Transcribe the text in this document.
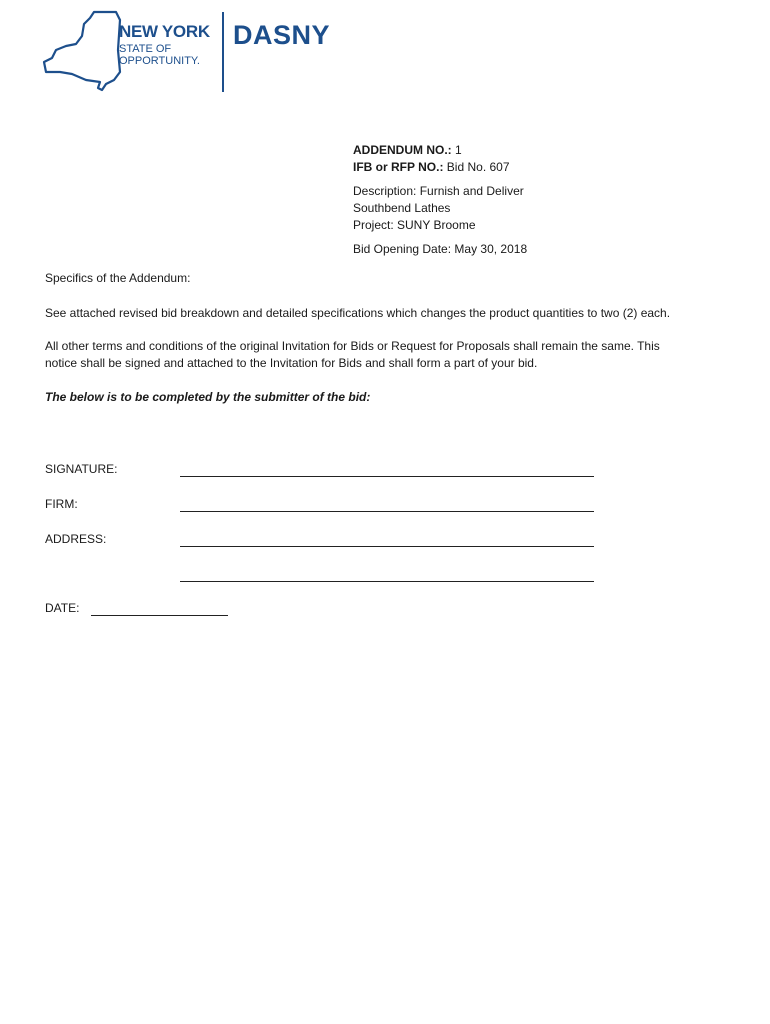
NEW YORK
STATE OF
OPPORTUNITY.
DASNY
ADDENDUM NO.: 1
IFB or RFP NO.: Bid No. 607
Description: Furnish and Deliver
Southbend Lathes
Project: SUNY Broome
Bid Opening Date: May 30, 2018
Specifics of the Addendum:
See attached revised bid breakdown and detailed specifications which changes the product quantities to two (2) each.
All other terms and conditions of the original Invitation for Bids or Request for Proposals shall remain the same. This
notice shall be signed and attached to the Invitation for Bids and shall form a part of your bid.
The below is to be completed by the submitter of the bid:
SIGNATURE:
FIRM:
ADDRESS:
DATE:
